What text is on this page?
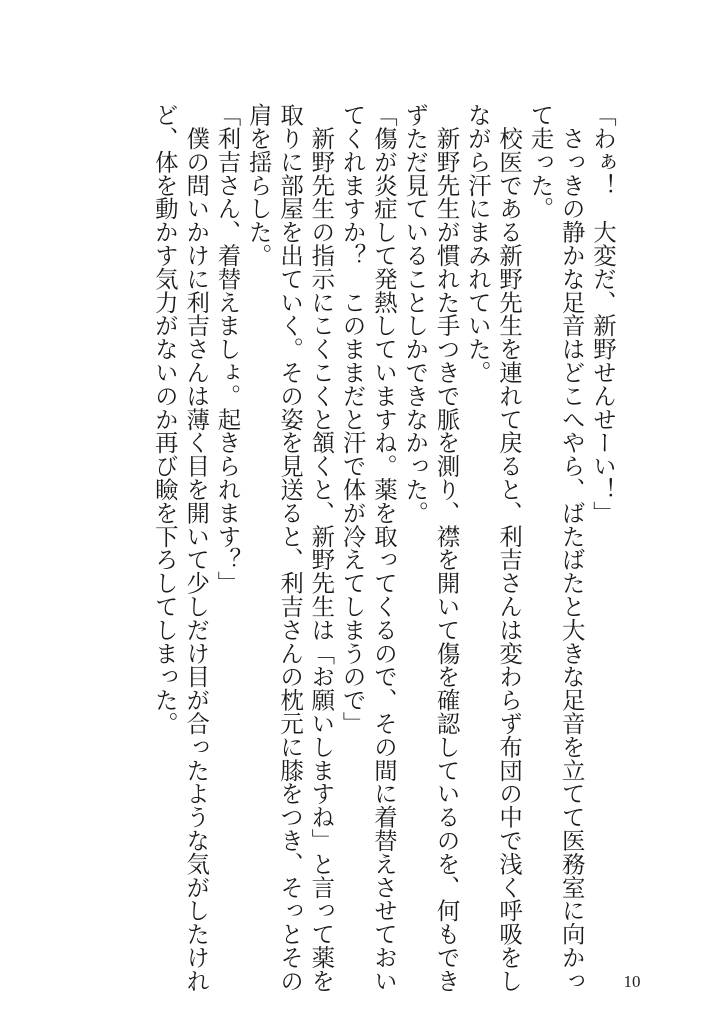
「わぁ！　大変だ、新野せんせーい！」

　さっきの静かな足音はどこへやら、ばたばたと大きな足音を立てて医務室に向かっ

て走った。

　校医である新野先生を連れて戻ると、利吉さんは変わらず布団の中で浅く呼吸をし

ながら汗にまみれていた。

　新野先生が慣れた手つきで脈を測り、襟を開いて傷を確認しているのを、何もでき

ずただ見ていることしかできなかった。

「傷が炎症して発熱していますね。薬を取ってくるので、その間に着替えさせておい

てくれますか？　このままだと汗で体が冷えてしまうので」

　新野先生の指示にこくこくと頷くと、新野先生は「お願いしますね」と言って薬を

取りに部屋を出ていく。その姿を見送ると、利吉さんの枕元に膝をつき、そっとその

肩を揺らした。

「利吉さん、着替えましょ。起きられます？」

　僕の問いかけに利吉さんは薄く目を開いて少しだけ目が合ったような気がしたけれ

ど、体を動かす気力がないのか再び瞼を下ろしてしまった。

10
